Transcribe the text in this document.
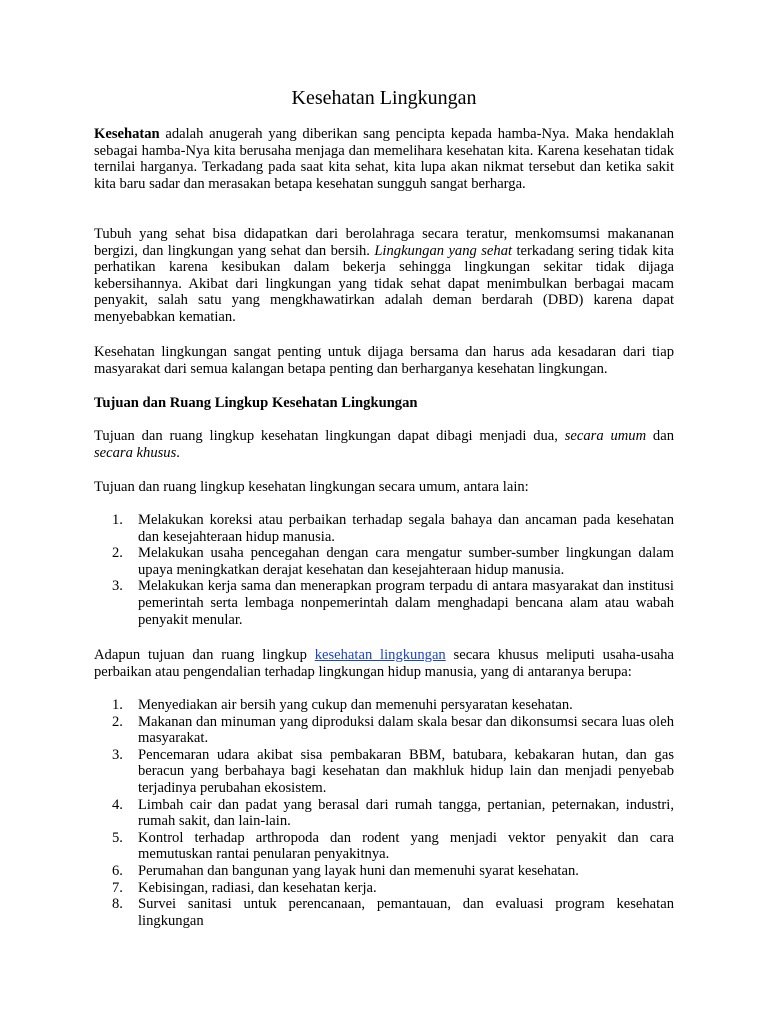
Kesehatan Lingkungan

Kesehatan adalah anugerah yang diberikan sang pencipta kepada hamba-Nya. Maka hendaklah sebagai hamba-Nya kita berusaha menjaga dan memelihara kesehatan kita. Karena kesehatan tidak ternilai harganya. Terkadang pada saat kita sehat, kita lupa akan nikmat tersebut dan ketika sakit kita baru sadar dan merasakan betapa kesehatan sungguh sangat berharga.

Tubuh yang sehat bisa didapatkan dari berolahraga secara teratur, menkomsumsi makananan bergizi, dan lingkungan yang sehat dan bersih. Lingkungan yang sehat terkadang sering tidak kita perhatikan karena kesibukan dalam bekerja sehingga lingkungan sekitar tidak dijaga kebersihannya. Akibat dari lingkungan yang tidak sehat dapat menimbulkan berbagai macam penyakit, salah satu yang mengkhawatirkan adalah deman berdarah (DBD) karena dapat menyebabkan kematian.

Kesehatan lingkungan sangat penting untuk dijaga bersama dan harus ada kesadaran dari tiap masyarakat dari semua kalangan betapa penting dan berharganya kesehatan lingkungan.

Tujuan dan Ruang Lingkup Kesehatan Lingkungan

Tujuan dan ruang lingkup kesehatan lingkungan dapat dibagi menjadi dua, secara umum dan secara khusus.

Tujuan dan ruang lingkup kesehatan lingkungan secara umum, antara lain:

1.	Melakukan koreksi atau perbaikan terhadap segala bahaya dan ancaman pada kesehatan dan kesejahteraan hidup manusia.
2.	Melakukan usaha pencegahan dengan cara mengatur sumber-sumber lingkungan dalam upaya meningkatkan derajat kesehatan dan kesejahteraan hidup manusia.
3.	Melakukan kerja sama dan menerapkan program terpadu di antara masyarakat dan institusi pemerintah serta lembaga nonpemerintah dalam menghadapi bencana alam atau wabah penyakit menular.

Adapun tujuan dan ruang lingkup kesehatan lingkungan secara khusus meliputi usaha-usaha perbaikan atau pengendalian terhadap lingkungan hidup manusia, yang di antaranya berupa:

1.	Menyediakan air bersih yang cukup dan memenuhi persyaratan kesehatan.
2.	Makanan dan minuman yang diproduksi dalam skala besar dan dikonsumsi secara luas oleh masyarakat.
3.	Pencemaran udara akibat sisa pembakaran BBM, batubara, kebakaran hutan, dan gas beracun yang berbahaya bagi kesehatan dan makhluk hidup lain dan menjadi penyebab terjadinya perubahan ekosistem.
4.	Limbah cair dan padat yang berasal dari rumah tangga, pertanian, peternakan, industri, rumah sakit, dan lain-lain.
5.	Kontrol terhadap arthropoda dan rodent yang menjadi vektor penyakit dan cara memutuskan rantai penularan penyakitnya.
6.	Perumahan dan bangunan yang layak huni dan memenuhi syarat kesehatan.
7.	Kebisingan, radiasi, dan kesehatan kerja.
8.	Survei sanitasi untuk perencanaan, pemantauan, dan evaluasi program kesehatan lingkungan
